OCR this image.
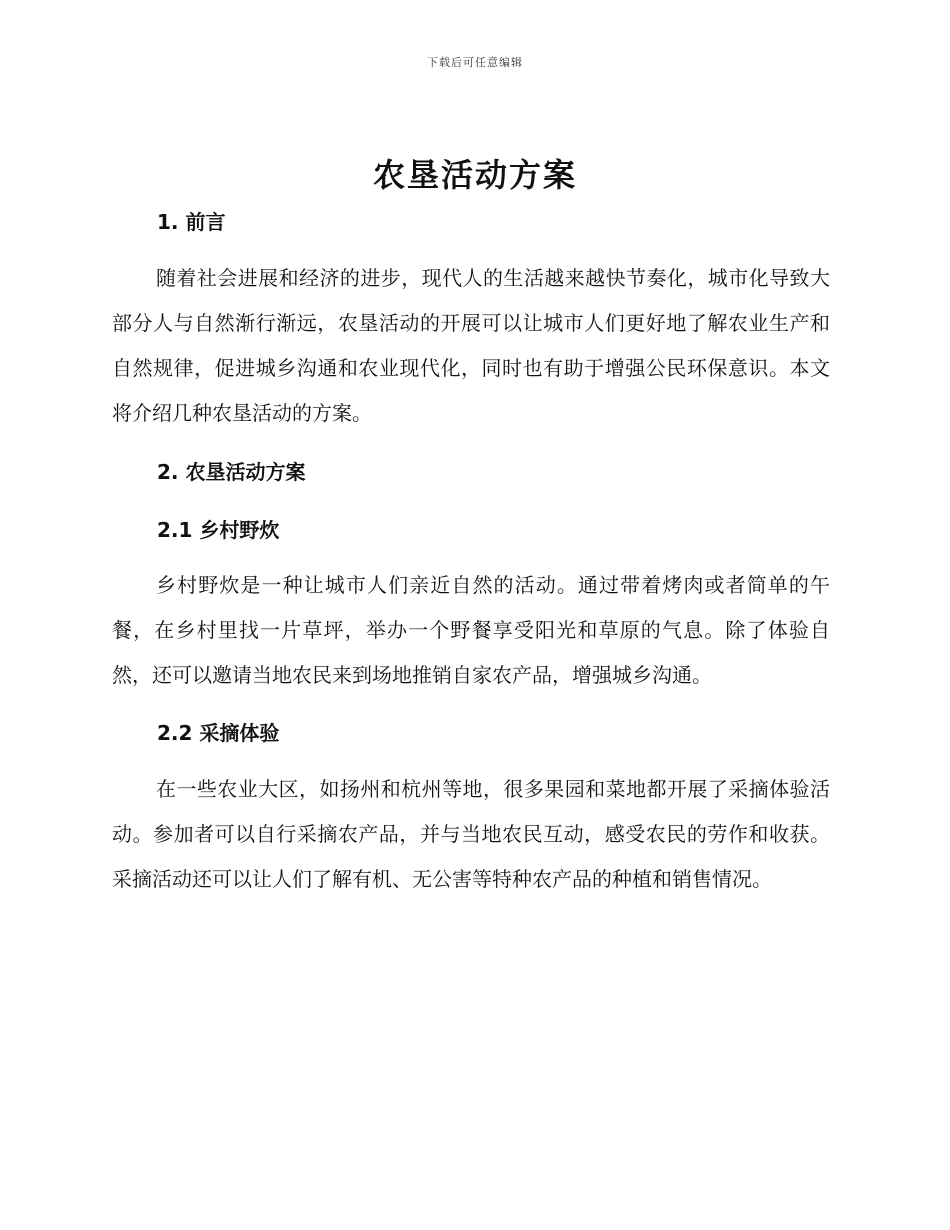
下载后可任意编辑
农垦活动方案
1. 前言

随着社会进展和经济的进步，现代人的生活越来越快节奏化，城市化导致大部分人与自然渐行渐远，农垦活动的开展可以让城市人们更好地了解农业生产和自然规律，促进城乡沟通和农业现代化，同时也有助于增强公民环保意识。本文将介绍几种农垦活动的方案。

2. 农垦活动方案
2.1 乡村野炊

乡村野炊是一种让城市人们亲近自然的活动。通过带着烤肉或者简单的午餐，在乡村里找一片草坪，举办一个野餐享受阳光和草原的气息。除了体验自然，还可以邀请当地农民来到场地推销自家农产品，增强城乡沟通。

2.2 采摘体验

在一些农业大区，如扬州和杭州等地，很多果园和菜地都开展了采摘体验活动。参加者可以自行采摘农产品，并与当地农民互动，感受农民的劳作和收获。采摘活动还可以让人们了解有机、无公害等特种农产品的种植和销售情况。
